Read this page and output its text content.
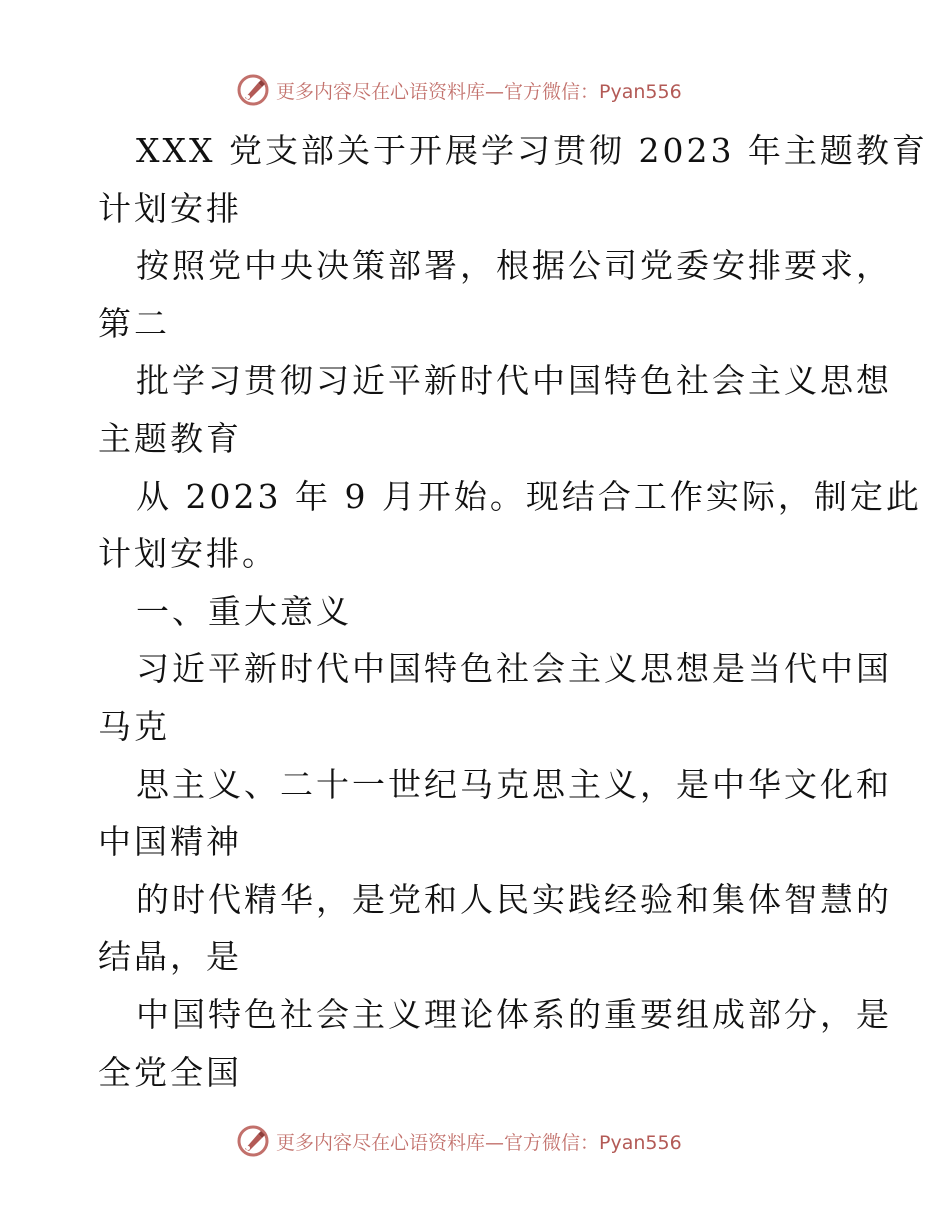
更多内容尽在心语资料库—官方微信：Pyan556
XXX 党支部关于开展学习贯彻 2023 年主题教育
计划安排
按照党中央决策部署，根据公司党委安排要求，
第二
批学习贯彻习近平新时代中国特色社会主义思想
主题教育
从 2023 年 9 月开始。现结合工作实际，制定此
计划安排。
一、重大意义
习近平新时代中国特色社会主义思想是当代中国
马克
思主义、二十一世纪马克思主义，是中华文化和
中国精神
的时代精华，是党和人民实践经验和集体智慧的
结晶，是
中国特色社会主义理论体系的重要组成部分，是
全党全国
更多内容尽在心语资料库—官方微信：Pyan556
